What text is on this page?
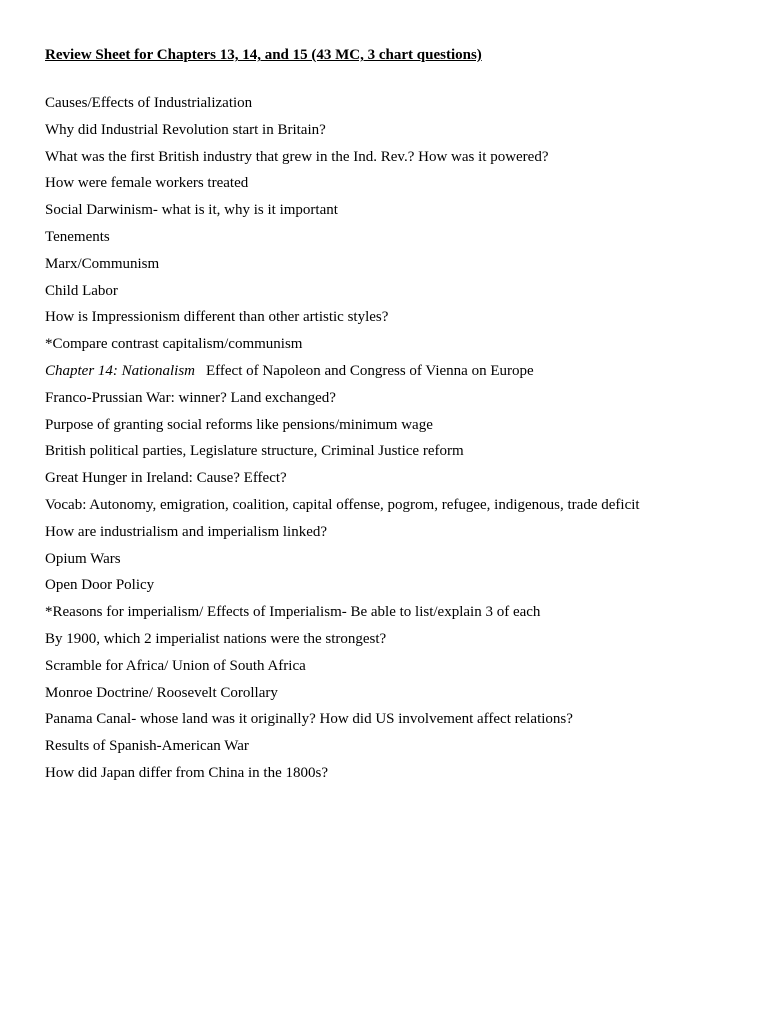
Review Sheet for Chapters 13, 14, and 15 (43 MC, 3 chart questions)
Causes/Effects of Industrialization
Why did Industrial Revolution start in Britain?
What was the first British industry that grew in the Ind. Rev.? How was it powered?
How were female workers treated
Social Darwinism- what is it, why is it important
Tenements
Marx/Communism
Child Labor
How is Impressionism different than other artistic styles?
*Compare contrast capitalism/communism
Chapter 14: Nationalism Effect of Napoleon and Congress of Vienna on Europe
Franco-Prussian War: winner? Land exchanged?
Purpose of granting social reforms like pensions/minimum wage
British political parties, Legislature structure, Criminal Justice reform
Great Hunger in Ireland: Cause? Effect?
Vocab: Autonomy, emigration, coalition, capital offense, pogrom, refugee, indigenous, trade deficit
How are industrialism and imperialism linked?
Opium Wars
Open Door Policy
*Reasons for imperialism/ Effects of Imperialism- Be able to list/explain 3 of each
By 1900, which 2 imperialist nations were the strongest?
Scramble for Africa/ Union of South Africa
Monroe Doctrine/ Roosevelt Corollary
Panama Canal- whose land was it originally? How did US involvement affect relations?
Results of Spanish-American War
How did Japan differ from China in the 1800s?
